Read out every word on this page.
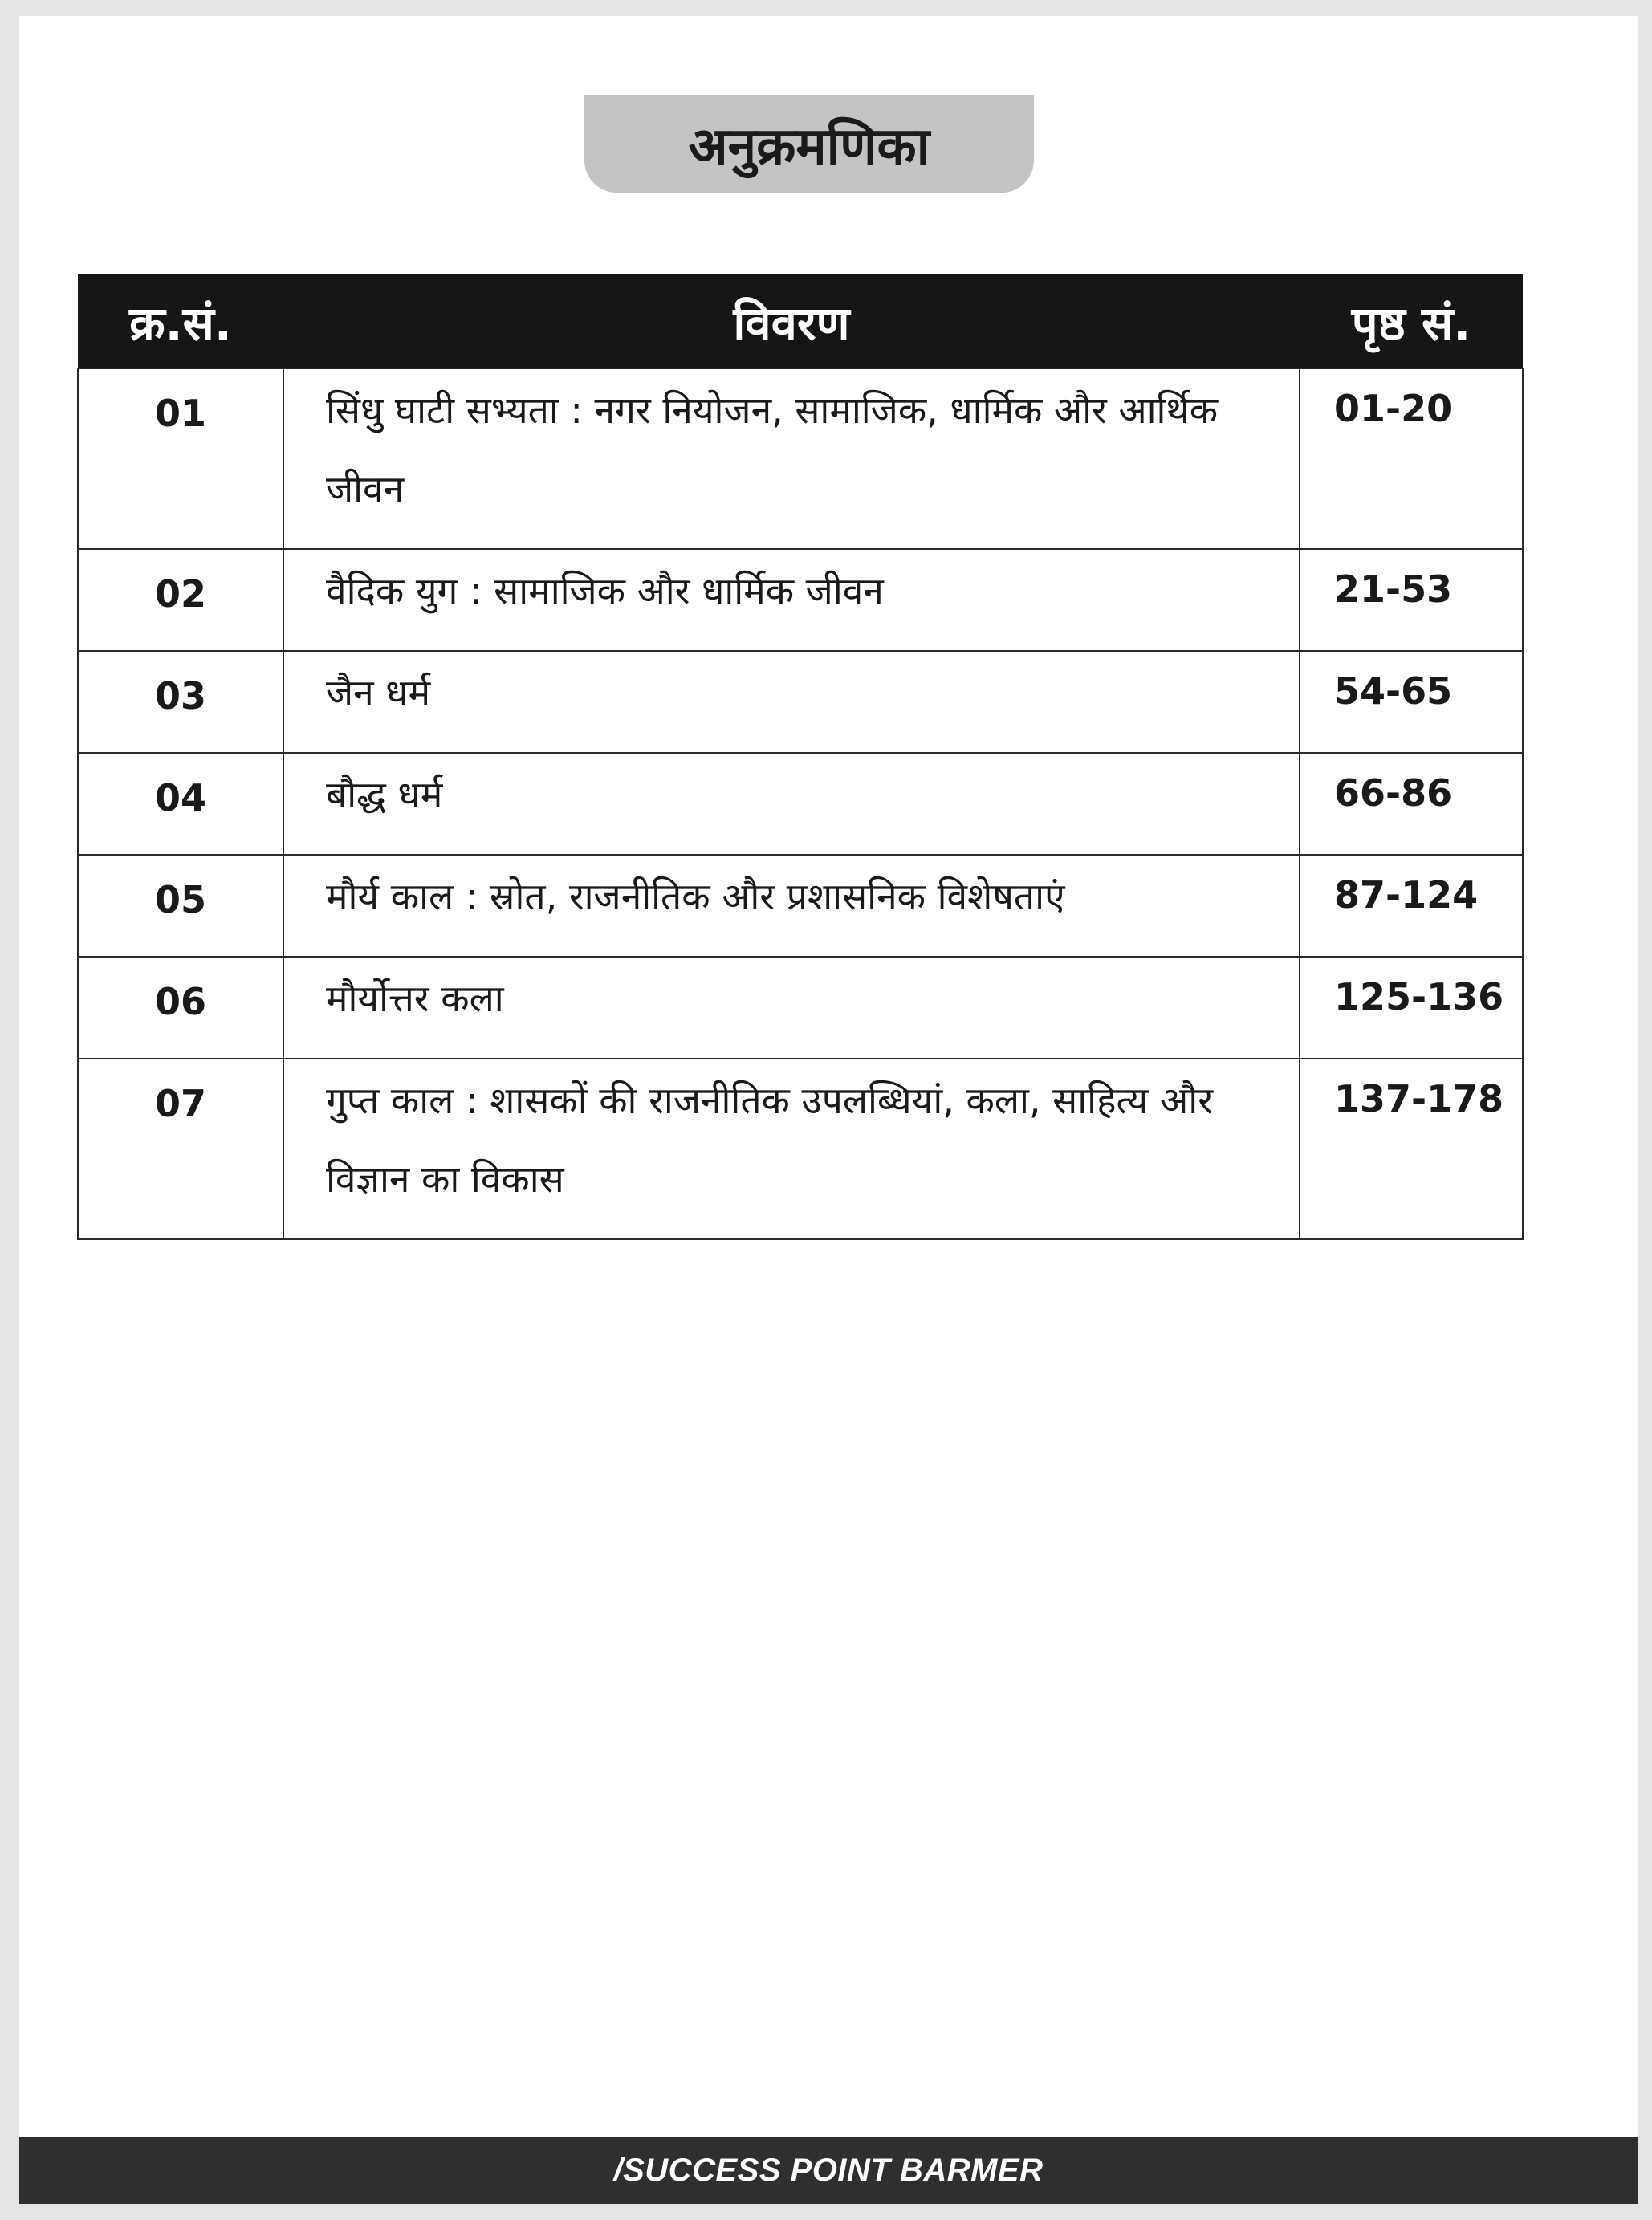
अनुक्रमणिका
क्र.सं.	विवरण	पृष्ठ सं.
01	सिंधु घाटी सभ्यता : नगर नियोजन, सामाजिक, धार्मिक और आर्थिक जीवन	01-20
02	वैदिक युग : सामाजिक और धार्मिक जीवन	21-53
03	जैन धर्म	54-65
04	बौद्ध धर्म	66-86
05	मौर्य काल : स्रोत, राजनीतिक और प्रशासनिक विशेषताएं	87-124
06	मौर्योत्तर कला	125-136
07	गुप्त काल : शासकों की राजनीतिक उपलब्धियां, कला, साहित्य और विज्ञान का विकास	137-178
/SUCCESS POINT BARMER
